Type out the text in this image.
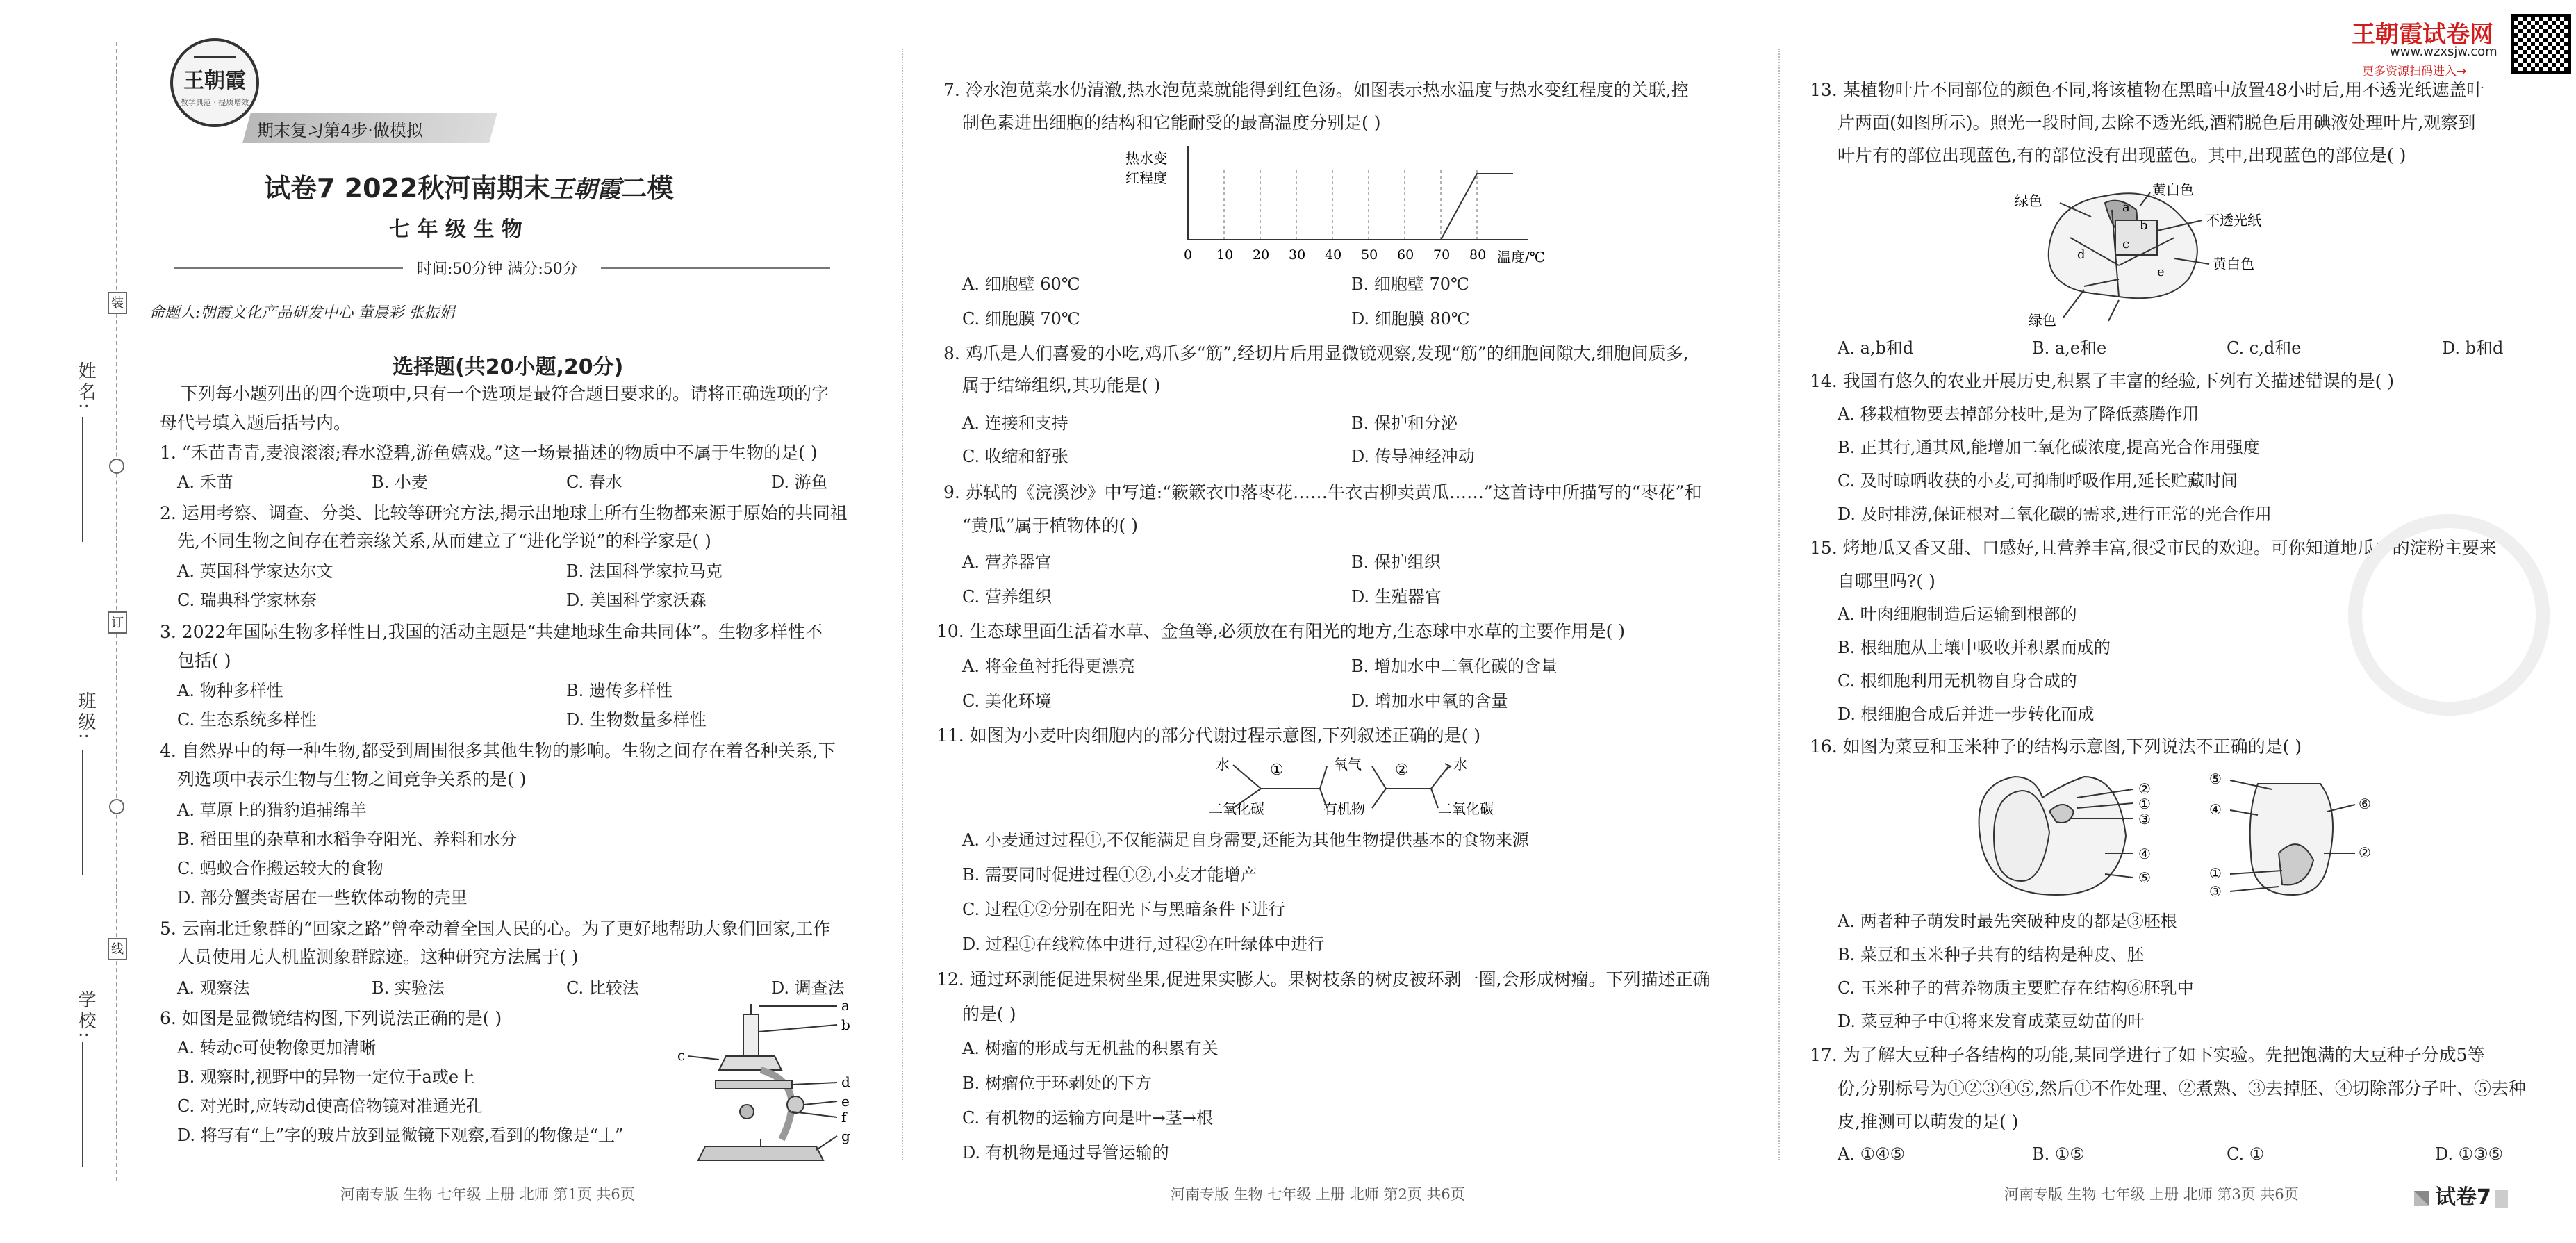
姓名:
班级:
学校:
装
订
线
王朝霞
教学典范 · 提质增效
期末复习第4步·做模拟
试卷7 2022秋河南期末王朝霞二模
七 年 级 生 物
时间:50分钟 满分:50分
命题人:朝霞文化产品研发中心 董晨彩 张振娟
选择题(共20小题,20分)
下列每小题列出的四个选项中,只有一个选项是最符合题目要求的。请将正确选项的字
母代号填入题后括号内。
1. “禾苗青青,麦浪滚滚;春水澄碧,游鱼嬉戏。”这一场景描述的物质中不属于生物的是( )
A. 禾苗	B. 小麦	C. 春水	D. 游鱼
2. 运用考察、调查、分类、比较等研究方法,揭示出地球上所有生物都来源于原始的共同祖
先,不同生物之间存在着亲缘关系,从而建立了“进化学说”的科学家是( )
A. 英国科学家达尔文	B. 法国科学家拉马克
C. 瑞典科学家林奈	D. 美国科学家沃森
3. 2022年国际生物多样性日,我国的活动主题是“共建地球生命共同体”。生物多样性不
包括( )
A. 物种多样性	B. 遗传多样性
C. 生态系统多样性	D. 生物数量多样性
4. 自然界中的每一种生物,都受到周围很多其他生物的影响。生物之间存在着各种关系,下
列选项中表示生物与生物之间竞争关系的是( )
A. 草原上的猎豹追捕绵羊
B. 稻田里的杂草和水稻争夺阳光、养料和水分
C. 蚂蚁合作搬运较大的食物
D. 部分蟹类寄居在一些软体动物的壳里
5. 云南北迁象群的“回家之路”曾牵动着全国人民的心。为了更好地帮助大象们回家,工作
人员使用无人机监测象群踪迹。这种研究方法属于( )
A. 观察法	B. 实验法	C. 比较法	D. 调查法
6. 如图是显微镜结构图,下列说法正确的是( )
A. 转动c可使物像更加清晰
B. 观察时,视野中的异物一定位于a或e上
C. 对光时,应转动d使高倍物镜对准通光孔
D. 将写有“上”字的玻片放到显微镜下观察,看到的物像是“丄”
a
b
c
d
e
f
g
河南专版 生物 七年级 上册 北师 第1页 共6页
7. 冷水泡苋菜水仍清澈,热水泡苋菜就能得到红色汤。如图表示热水温度与热水变红程度的关联,控
制色素进出细胞的结构和它能耐受的最高温度分别是( )
热水变
红程度
0 10 20 30 40 50 60 70 80 温度/℃
A. 细胞壁 60℃	B. 细胞壁 70℃
C. 细胞膜 70℃	D. 细胞膜 80℃
8. 鸡爪是人们喜爱的小吃,鸡爪多“筋”,经切片后用显微镜观察,发现“筋”的细胞间隙大,细胞间质多,
属于结缔组织,其功能是( )
A. 连接和支持	B. 保护和分泌
C. 收缩和舒张	D. 传导神经冲动
9. 苏轼的《浣溪沙》中写道:“簌簌衣巾落枣花……牛衣古柳卖黄瓜……”这首诗中所描写的“枣花”和
“黄瓜”属于植物体的( )
A. 营养器官	B. 保护组织
C. 营养组织	D. 生殖器官
10. 生态球里面生活着水草、金鱼等,必须放在有阳光的地方,生态球中水草的主要作用是( )
A. 将金鱼衬托得更漂亮	B. 增加水中二氧化碳的含量
C. 美化环境	D. 增加水中氧的含量
11. 如图为小麦叶肉细胞内的部分代谢过程示意图,下列叙述正确的是( )
水
二氧化碳
①	氧气
有机物
②	水
二氧化碳
A. 小麦通过过程①,不仅能满足自身需要,还能为其他生物提供基本的食物来源
B. 需要同时促进过程①②,小麦才能增产
C. 过程①②分别在阳光下与黑暗条件下进行
D. 过程①在线粒体中进行,过程②在叶绿体中进行
12. 通过环剥能促进果树坐果,促进果实膨大。果树枝条的树皮被环剥一圈,会形成树瘤。下列描述正确
的是( )
A. 树瘤的形成与无机盐的积累有关
B. 树瘤位于环剥处的下方
C. 有机物的运输方向是叶→茎→根
D. 有机物是通过导管运输的
河南专版 生物 七年级 上册 北师 第2页 共6页
13. 某植物叶片不同部位的颜色不同,将该植物在黑暗中放置48小时后,用不透光纸遮盖叶
片两面(如图所示)。照光一段时间,去除不透光纸,酒精脱色后用碘液处理叶片,观察到
叶片有的部位出现蓝色,有的部位没有出现蓝色。其中,出现蓝色的部位是( )
绿色
黄白色
不透光纸
黄白色
绿色
a
b
c
d
e
A. a,b和d	B. a,e和e	C. c,d和e	D. b和d
14. 我国有悠久的农业开展历史,积累了丰富的经验,下列有关描述错误的是( )
A. 移栽植物要去掉部分枝叶,是为了降低蒸腾作用
B. 正其行,通其风,能增加二氧化碳浓度,提高光合作用强度
C. 及时晾晒收获的小麦,可抑制呼吸作用,延长贮藏时间
D. 及时排涝,保证根对二氧化碳的需求,进行正常的光合作用
15. 烤地瓜又香又甜、口感好,且营养丰富,很受市民的欢迎。可你知道地瓜中的淀粉主要来
自哪里吗?( )
A. 叶肉细胞制造后运输到根部的
B. 根细胞从土壤中吸收并积累而成的
C. 根细胞利用无机物自身合成的
D. 根细胞合成后并进一步转化而成
16. 如图为菜豆和玉米种子的结构示意图,下列说法不正确的是( )
②
①
③
④
⑤
⑤
④	⑥
②
①
③
A. 两者种子萌发时最先突破种皮的都是③胚根
B. 菜豆和玉米种子共有的结构是种皮、胚
C. 玉米种子的营养物质主要贮存在结构⑥胚乳中
D. 菜豆种子中①将来发育成菜豆幼苗的叶
17. 为了解大豆种子各结构的功能,某同学进行了如下实验。先把饱满的大豆种子分成5等
份,分别标号为①②③④⑤,然后①不作处理、②煮熟、③去掉胚、④切除部分子叶、⑤去种
皮,推测可以萌发的是( )
A. ①④⑤	B. ①⑤	C. ①	D. ①③⑤
河南专版 生物 七年级 上册 北师 第3页 共6页	试卷7
王朝霞试卷网
www.wzxsjw.com
更多资源扫码进入→
